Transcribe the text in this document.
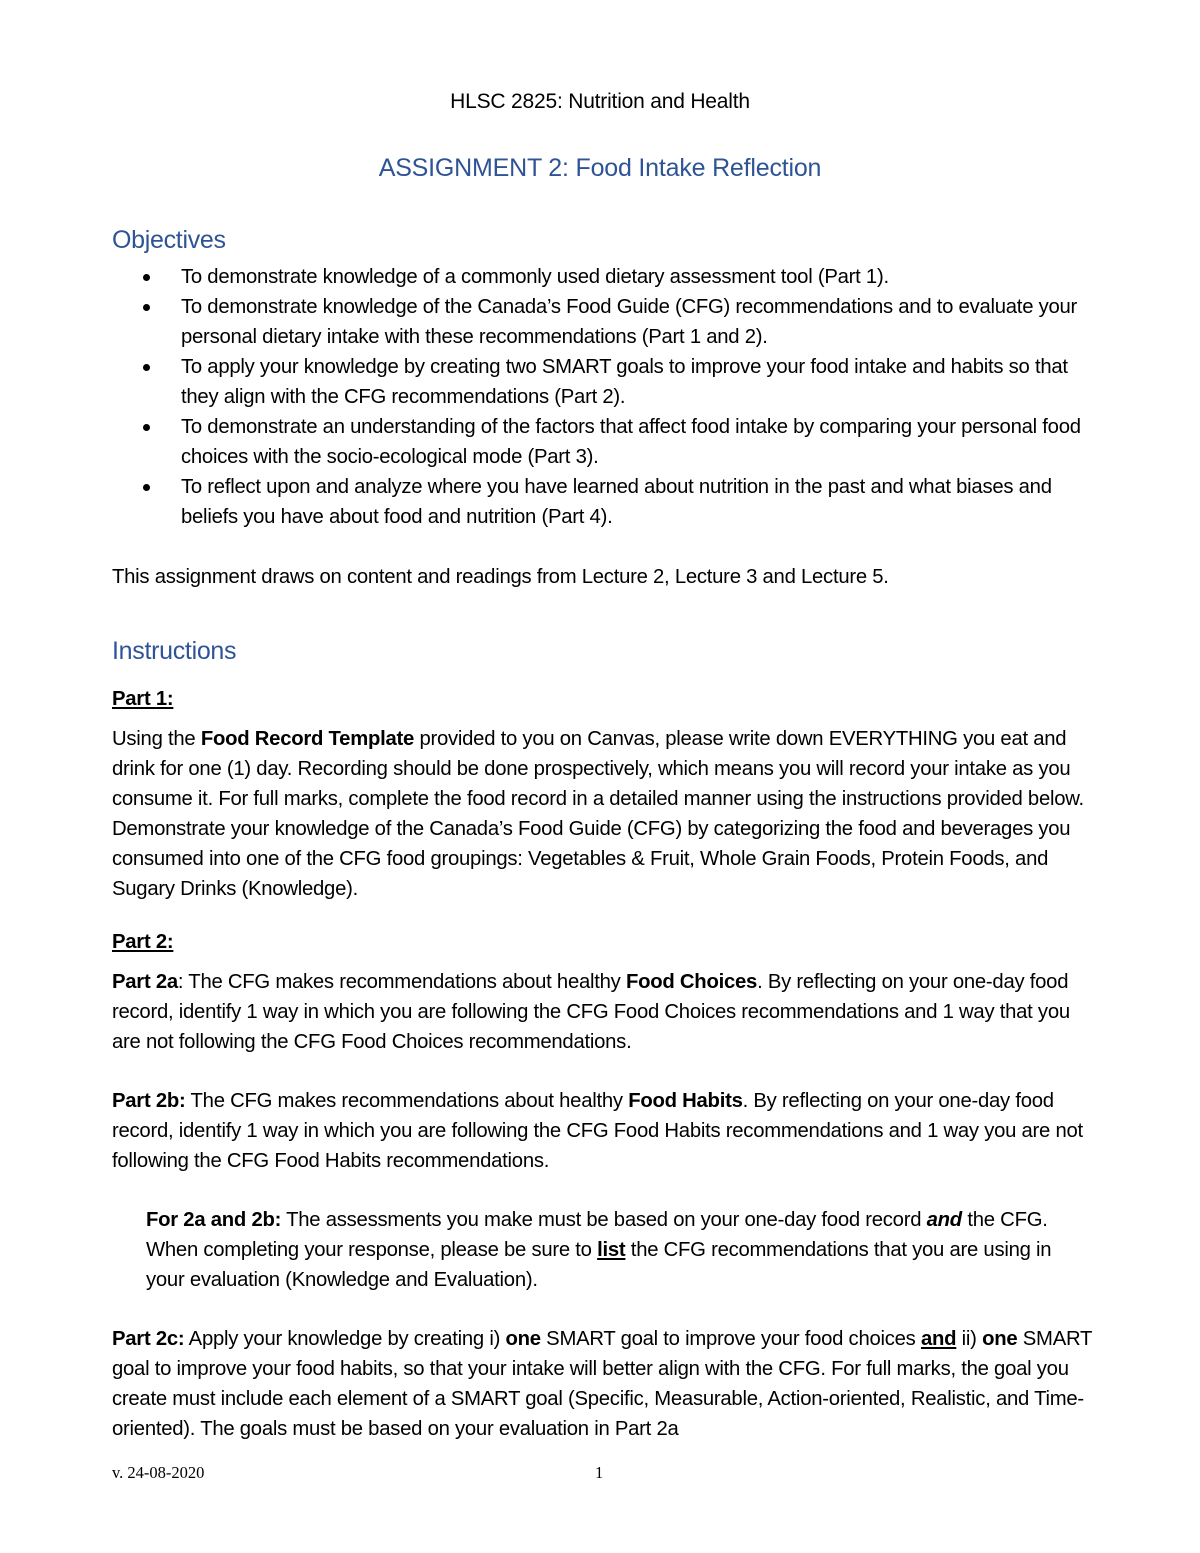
HLSC 2825: Nutrition and Health
ASSIGNMENT 2: Food Intake Reflection
Objectives

To demonstrate knowledge of a commonly used dietary assessment tool (Part 1).

To demonstrate knowledge of the Canada’s Food Guide (CFG) recommendations and to evaluate your personal dietary intake with these recommendations (Part 1 and 2).

To apply your knowledge by creating two SMART goals to improve your food intake and habits so that they align with the CFG recommendations (Part 2).

To demonstrate an understanding of the factors that affect food intake by comparing your personal food choices with the socio-ecological mode (Part 3).

To reflect upon and analyze where you have learned about nutrition in the past and what biases and beliefs you have about food and nutrition (Part 4).

This assignment draws on content and readings from Lecture 2, Lecture 3 and Lecture 5.

Instructions

Part 1:

Using the Food Record Template provided to you on Canvas, please write down EVERYTHING you eat and drink for one (1) day. Recording should be done prospectively, which means you will record your intake as you consume it. For full marks, complete the food record in a detailed manner using the instructions provided below. Demonstrate your knowledge of the Canada’s Food Guide (CFG) by categorizing the food and beverages you consumed into one of the CFG food groupings: Vegetables & Fruit, Whole Grain Foods, Protein Foods, and Sugary Drinks (Knowledge).

Part 2:

Part 2a: The CFG makes recommendations about healthy Food Choices. By reflecting on your one-day food record, identify 1 way in which you are following the CFG Food Choices recommendations and 1 way that you are not following the CFG Food Choices recommendations.

Part 2b: The CFG makes recommendations about healthy Food Habits. By reflecting on your one-day food record, identify 1 way in which you are following the CFG Food Habits recommendations and 1 way you are not following the CFG Food Habits recommendations.

For 2a and 2b: The assessments you make must be based on your one-day food record and the CFG. When completing your response, please be sure to list the CFG recommendations that you are using in your evaluation (Knowledge and Evaluation).

Part 2c: Apply your knowledge by creating i) one SMART goal to improve your food choices and ii) one SMART goal to improve your food habits, so that your intake will better align with the CFG. For full marks, the goal you create must include each element of a SMART goal (Specific, Measurable, Action-oriented, Realistic, and Time-oriented). The goals must be based on your evaluation in Part 2a

v. 24-08-2020	1
